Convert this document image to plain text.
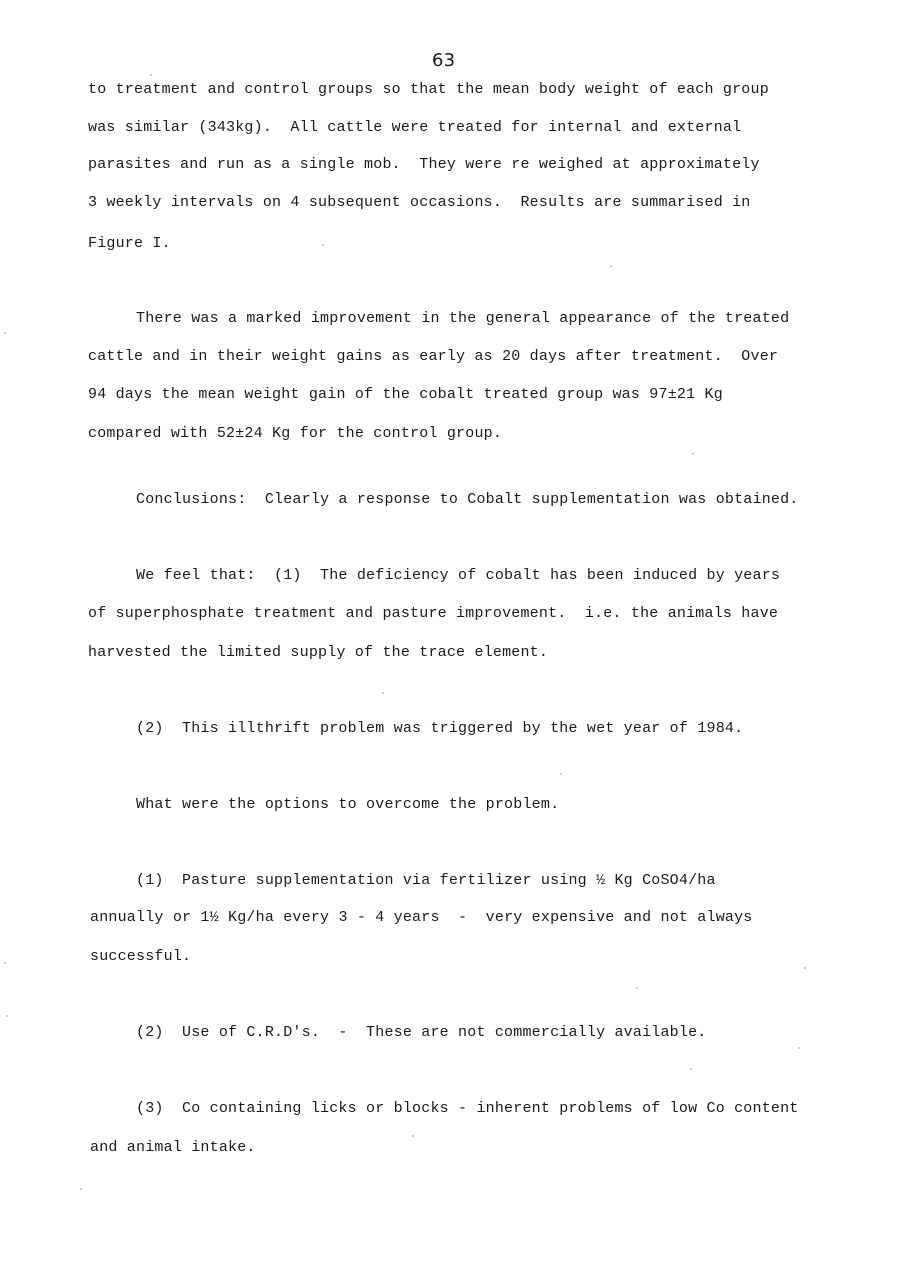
63
to treatment and control groups so that the mean body weight of each group
was similar (343kg).  All cattle were treated for internal and external
parasites and run as a single mob.  They were re weighed at approximately
3 weekly intervals on 4 subsequent occasions.  Results are summarised in
Figure I.
There was a marked improvement in the general appearance of the treated
cattle and in their weight gains as early as 20 days after treatment.  Over
94 days the mean weight gain of the cobalt treated group was 97±21 Kg
compared with 52±24 Kg for the control group.
Conclusions:  Clearly a response to Cobalt supplementation was obtained.
We feel that:  (1)  The deficiency of cobalt has been induced by years
of superphosphate treatment and pasture improvement.  i.e. the animals have
harvested the limited supply of the trace element.
(2)  This illthrift problem was triggered by the wet year of 1984.
What were the options to overcome the problem.
(1)  Pasture supplementation via fertilizer using ½ Kg CoSO4/ha
annually or 1½ Kg/ha every 3 - 4 years  -  very expensive and not always
successful.
(2)  Use of C.R.D's.  -  These are not commercially available.
(3)  Co containing licks or blocks - inherent problems of low Co content
and animal intake.
